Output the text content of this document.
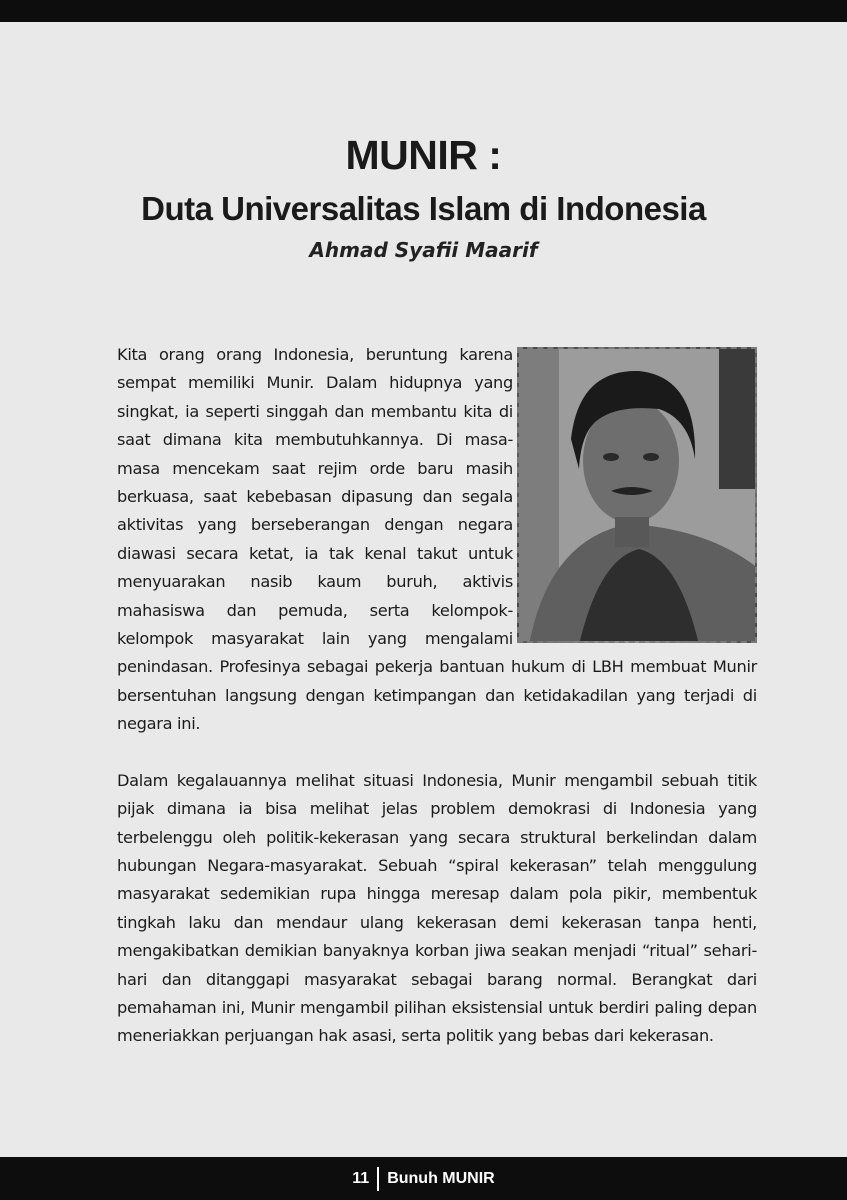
MUNIR :
Duta Universalitas Islam di Indonesia
Ahmad Syafii Maarif

Kita orang orang Indonesia, beruntung karena sempat memiliki Munir. Dalam hidupnya yang singkat, ia seperti singgah dan membantu kita di saat dimana kita membutuhkannya. Di masa-masa mencekam saat rejim orde baru masih berkuasa, saat kebebasan dipasung dan segala aktivitas yang berseberangan dengan negara diawasi secara ketat, ia tak kenal takut untuk menyuarakan nasib kaum buruh, aktivis mahasiswa dan pemuda, serta kelompok-kelompok masyarakat lain yang mengalami penindasan. Profesinya sebagai pekerja bantuan hukum di LBH membuat Munir bersentuhan langsung dengan ketimpangan dan ketidakadilan yang terjadi di negara ini.

Dalam kegalauannya melihat situasi Indonesia, Munir mengambil sebuah titik pijak dimana ia bisa melihat jelas problem demokrasi di Indonesia yang terbelenggu oleh politik-kekerasan yang secara struktural berkelindan dalam hubungan Negara-masyarakat. Sebuah “spiral kekerasan” telah menggulung masyarakat sedemikian rupa hingga meresap dalam pola pikir, membentuk tingkah laku dan mendaur ulang kekerasan demi kekerasan tanpa henti, mengakibatkan demikian banyaknya korban jiwa seakan menjadi “ritual” sehari-hari dan ditanggapi masyarakat sebagai barang normal. Berangkat dari pemahaman ini, Munir mengambil pilihan eksistensial untuk berdiri paling depan meneriakkan perjuangan hak asasi, serta politik yang bebas dari kekerasan.

11 Bunuh MUNIR
